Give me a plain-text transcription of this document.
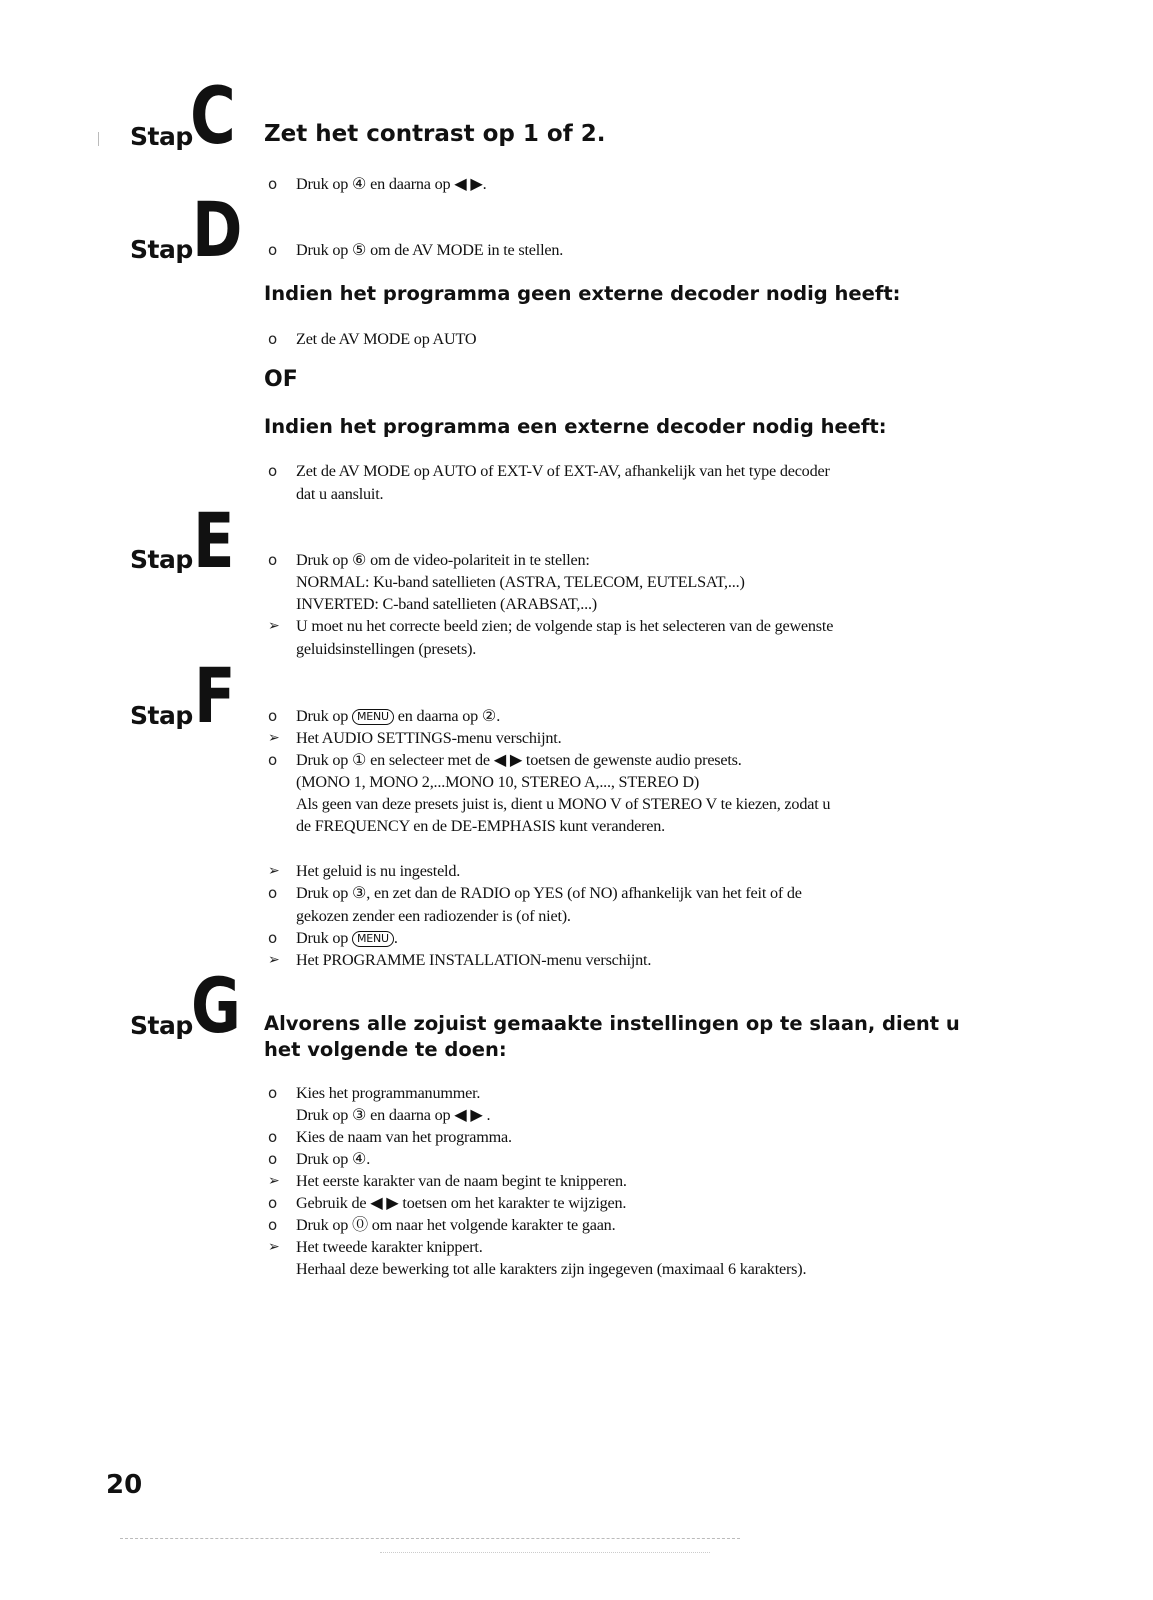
Stap
C
Stap D
Stap E
Stap F
Stap
G
Zet het contrast op 1 of 2.
o	Druk op ④ en daarna op ◀ ▶.
o	Druk op ⑤ om de AV MODE in te stellen.
Indien het programma geen externe decoder nodig heeft:
o	Zet de AV MODE op AUTO
OF
Indien het programma een externe decoder nodig heeft:
o	Zet de AV MODE op AUTO of EXT-V of EXT-AV, afhankelijk van het type decoder
dat u aansluit.
o	Druk op ⑥ om de video-polariteit in te stellen:
NORMAL: Ku-band satellieten (ASTRA, TELECOM, EUTELSAT,...)
INVERTED: C-band satellieten (ARABSAT,...)
➢	U moet nu het correcte beeld zien; de volgende stap is het selecteren van de gewenste
geluidsinstellingen (presets).
o	Druk op MENU en daarna op ②.
➢	Het AUDIO SETTINGS-menu verschijnt.
o	Druk op ① en selecteer met de ◀ ▶ toetsen de gewenste audio presets.
(MONO 1, MONO 2,...MONO 10, STEREO A,..., STEREO D)
Als geen van deze presets juist is, dient u MONO V of STEREO V te kiezen, zodat u
de FREQUENCY en de DE-EMPHASIS kunt veranderen.
➢	Het geluid is nu ingesteld.
o	Druk op ③, en zet dan de RADIO op YES (of NO) afhankelijk van het feit of de
gekozen zender een radiozender is (of niet).
o	Druk op MENU .
➢	Het PROGRAMME INSTALLATION-menu verschijnt.
Alvorens alle zojuist gemaakte instellingen op te slaan, dient u
het volgende te doen:
o	Kies het programmanummer.
Druk op ③ en daarna op ◀ ▶ .
o	Kies de naam van het programma.
o	Druk op ④.
➢	Het eerste karakter van de naam begint te knipperen.
o	Gebruik de ◀ ▶ toetsen om het karakter te wijzigen.
o	Druk op ⓪ om naar het volgende karakter te gaan.
➢	Het tweede karakter knippert.
Herhaal deze bewerking tot alle karakters zijn ingegeven (maximaal 6 karakters).
20
